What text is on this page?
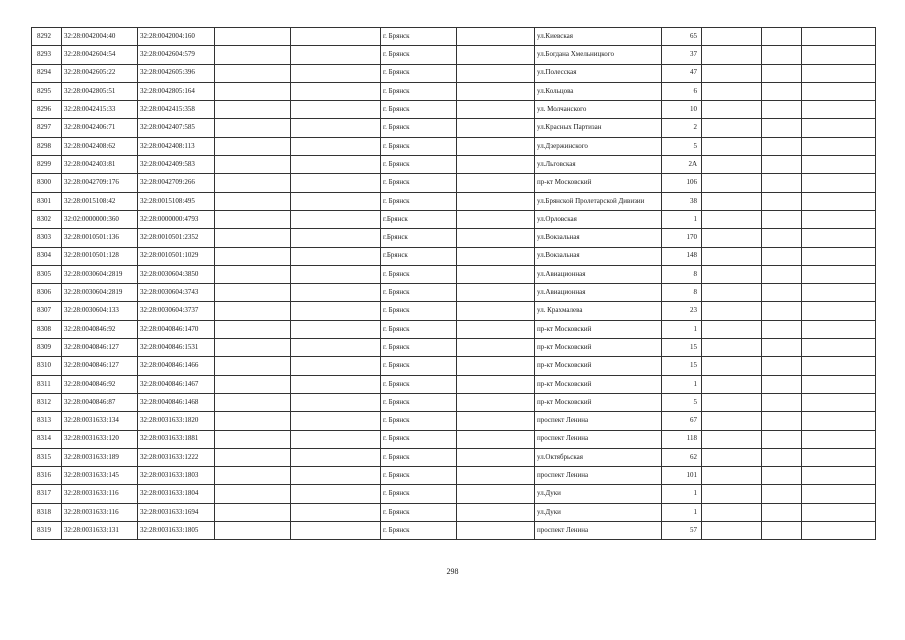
8292	32:28:0042004:40	32:28:0042004:160			г. Брянск		ул.Киевская	65			
8293	32:28:0042604:54	32:28:0042604:579			г. Брянск		ул.Богдана Хмельницкого	37			
8294	32:28:0042605:22	32:28:0042605:396			г. Брянск		ул.Полесская	47			
8295	32:28:0042805:51	32:28:0042805:164			г. Брянск		ул.Кольцова	6			
8296	32:28:0042415:33	32:28:0042415:358			г. Брянск		ул. Молчанского	10			
8297	32:28:0042406:71	32:28:0042407:585			г. Брянск		ул.Красных Партизан	2			
8298	32:28:0042408:62	32:28:0042408:113			г. Брянск		ул.Дзержинского	5			
8299	32:28:0042403:81	32:28:0042409:583			г. Брянск		ул.Льговская	2А			
8300	32:28:0042709:176	32:28:0042709:266			г. Брянск		пр-кт Московский	106			
8301	32:28:0015108:42	32:28:0015108:495			г. Брянск		ул.Брянской Пролетарской Дивизии	38			
8302	32:02:0000000:360	32:28:0000000:4793			г.Брянск		ул.Орловская	1			
8303	32:28:0010501:136	32:28:0010501:2352			г.Брянск		ул.Вокзальная	170			
8304	32:28:0010501:128	32:28:0010501:1029			г.Брянск		ул.Вокзальная	148			
8305	32:28:0030604:2819	32:28:0030604:3850			г. Брянск		ул.Авиационная	8			
8306	32:28:0030604:2819	32:28:0030604:3743			г. Брянск		ул.Авиационная	8			
8307	32:28:0030604:133	32:28:0030604:3737			г. Брянск		ул. Крахмалева	23			
8308	32:28:0040846:92	32:28:0040846:1470			г. Брянск		пр-кт Московский	1			
8309	32:28:0040846:127	32:28:0040846:1531			г. Брянск		пр-кт Московский	15			
8310	32:28:0040846:127	32:28:0040846:1466			г. Брянск		пр-кт Московский	15			
8311	32:28:0040846:92	32:28:0040846:1467			г. Брянск		пр-кт Московский	1			
8312	32:28:0040846:87	32:28:0040846:1468			г. Брянск		пр-кт Московский	5			
8313	32:28:0031633:134	32:28:0031633:1820			г. Брянск		проспект Ленина	67			
8314	32:28:0031633:120	32:28:0031633:1881			г. Брянск		проспект Ленина	118			
8315	32:28:0031633:189	32:28:0031633:1222			г. Брянск		ул.Октябрьская	62			
8316	32:28:0031633:145	32:28:0031633:1803			г. Брянск		проспект Ленина	101			
8317	32:28:0031633:116	32:28:0031633:1804			г. Брянск		ул.Дуки	1			
8318	32:28:0031633:116	32:28:0031633:1694			г. Брянск		ул.Дуки	1			
8319	32:28:0031633:131	32:28:0031633:1805			г. Брянск		проспект Ленина	57			
298
